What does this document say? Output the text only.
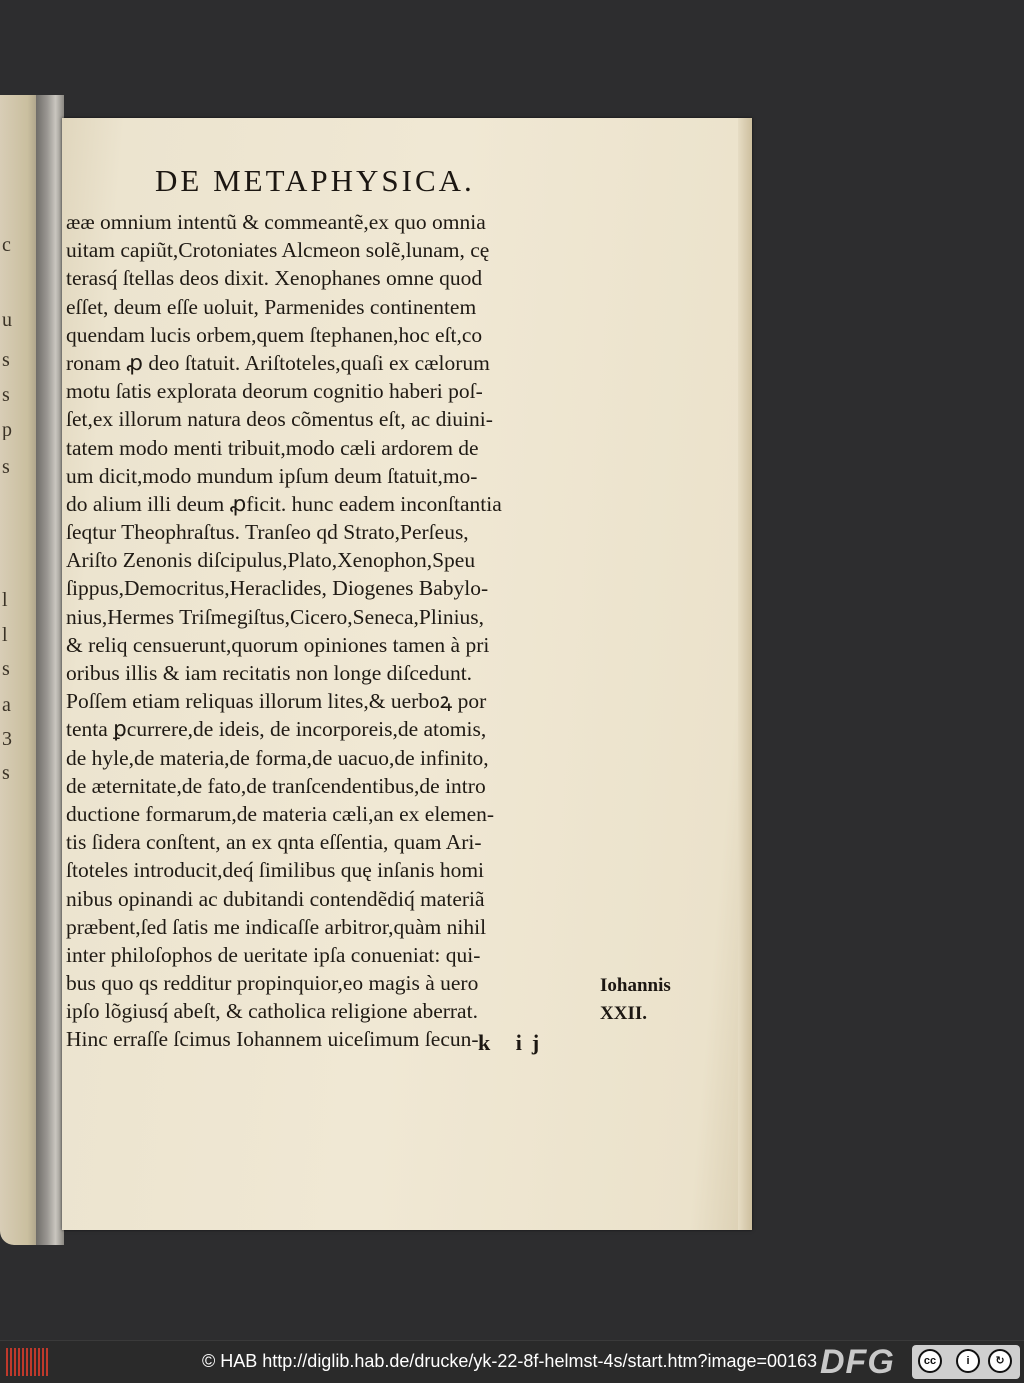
c
u
s
s
p
s
l
l
s
a
3
s
DE METAPHYSICA.
ææ omnium intentũ & commeantẽ,ex quo omnia
uitam capiũt,Crotoniates Alcmeon solẽ,lunam, cę
terasq́ ſtellas deos dixit. Xenophanes omne quod
eſſet, deum eſſe uoluit, Parmenides continentem
quendam lucis orbem,quem ſtephanen,hoc eſt,co
ronam ꝓ deo ſtatuit. Ariſtoteles,quaſi ex cælorum
motu ſatis explorata deorum cognitio haberi poſ-
ſet,ex illorum natura deos cõmentus eſt, ac diuini-
tatem modo menti tribuit,modo cæli ardorem de
um dicit,modo mundum ipſum deum ſtatuit,mo-
do alium illi deum ꝓficit. hunc eadem inconſtantia
ſeqtur Theophraſtus. Tranſeo qd Strato,Perſeus,
Ariſto Zenonis diſcipulus,Plato,Xenophon,Speu
ſippus,Democritus,Heraclides, Diogenes Babylo-
nius,Hermes Triſmegiſtus,Cicero,Seneca,Plinius,
& reliq censuerunt,quorum opiniones tamen à pri
oribus illis & iam recitatis non longe diſcedunt.
Poſſem etiam reliquas illorum lites,& uerboꝝ por
tenta ꝑcurrere,de ideis, de incorporeis,de atomis,
de hyle,de materia,de forma,de uacuo,de infinito,
de æternitate,de fato,de tranſcendentibus,de intro
ductione formarum,de materia cæli,an ex elemen-
tis ſidera conſtent, an ex qnta eſſentia, quam Ari-
ſtoteles introducit,deq́ ſimilibus quę inſanis homi
nibus opinandi ac dubitandi contendẽdiq́ materiã
præbent,ſed ſatis me indicaſſe arbitror,quàm nihil
inter philoſophos de ueritate ipſa conueniat: qui-
bus quo qs redditur propinquior,eo magis à uero
ipſo lõgiusq́ abeſt, & catholica religione aberrat.
Hinc erraſſe ſcimus Iohannem uiceſimum ſecun-
Iohannis
XXII.
k ij
© HAB http://diglib.hab.de/drucke/yk-22-8f-helmst-4s/start.htm?image=00163 DFG	cc	i	↻
